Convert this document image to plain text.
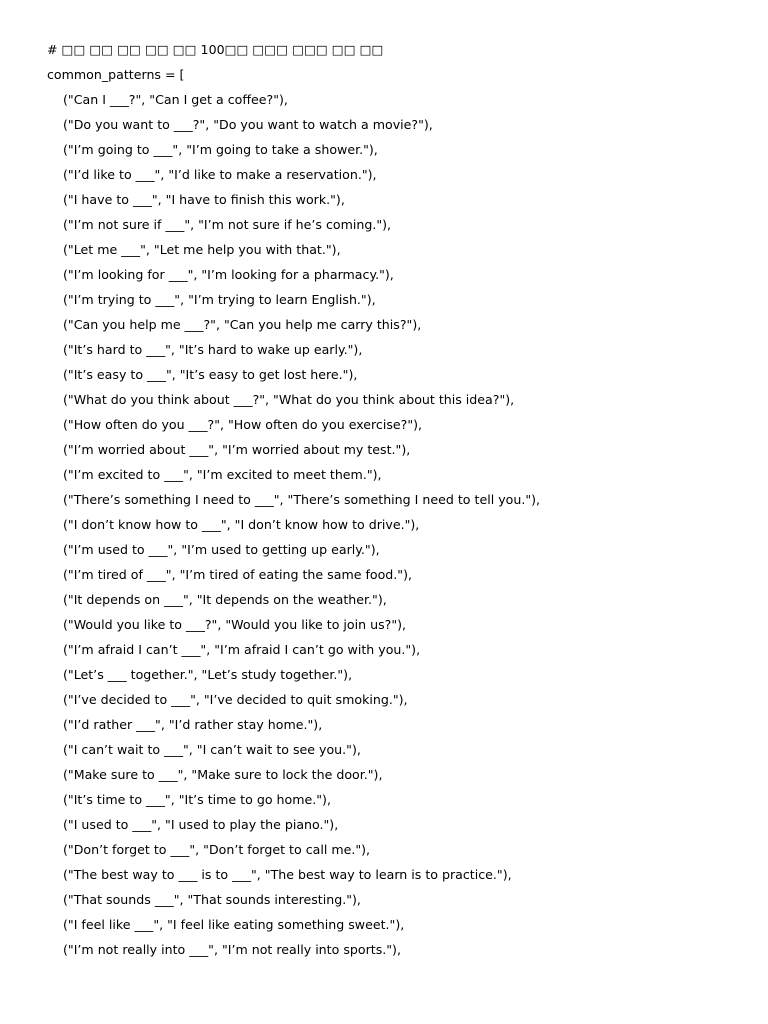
# □□ □□ □□ □□ □□ 100□□ □□□ □□□ □□ □□
common_patterns = [
("Can I ___?", "Can I get a coffee?"),
("Do you want to ___?", "Do you want to watch a movie?"),
("I’m going to ___", "I’m going to take a shower."),
("I’d like to ___", "I’d like to make a reservation."),
("I have to ___", "I have to finish this work."),
("I’m not sure if ___", "I’m not sure if he’s coming."),
("Let me ___", "Let me help you with that."),
("I’m looking for ___", "I’m looking for a pharmacy."),
("I’m trying to ___", "I’m trying to learn English."),
("Can you help me ___?", "Can you help me carry this?"),
("It’s hard to ___", "It’s hard to wake up early."),
("It’s easy to ___", "It’s easy to get lost here."),
("What do you think about ___?", "What do you think about this idea?"),
("How often do you ___?", "How often do you exercise?"),
("I’m worried about ___", "I’m worried about my test."),
("I’m excited to ___", "I’m excited to meet them."),
("There’s something I need to ___", "There’s something I need to tell you."),
("I don’t know how to ___", "I don’t know how to drive."),
("I’m used to ___", "I’m used to getting up early."),
("I’m tired of ___", "I’m tired of eating the same food."),
("It depends on ___", "It depends on the weather."),
("Would you like to ___?", "Would you like to join us?"),
("I’m afraid I can’t ___", "I’m afraid I can’t go with you."),
("Let’s ___ together.", "Let’s study together."),
("I’ve decided to ___", "I’ve decided to quit smoking."),
("I’d rather ___", "I’d rather stay home."),
("I can’t wait to ___", "I can’t wait to see you."),
("Make sure to ___", "Make sure to lock the door."),
("It’s time to ___", "It’s time to go home."),
("I used to ___", "I used to play the piano."),
("Don’t forget to ___", "Don’t forget to call me."),
("The best way to ___ is to ___", "The best way to learn is to practice."),
("That sounds ___", "That sounds interesting."),
("I feel like ___", "I feel like eating something sweet."),
("I’m not really into ___", "I’m not really into sports."),
